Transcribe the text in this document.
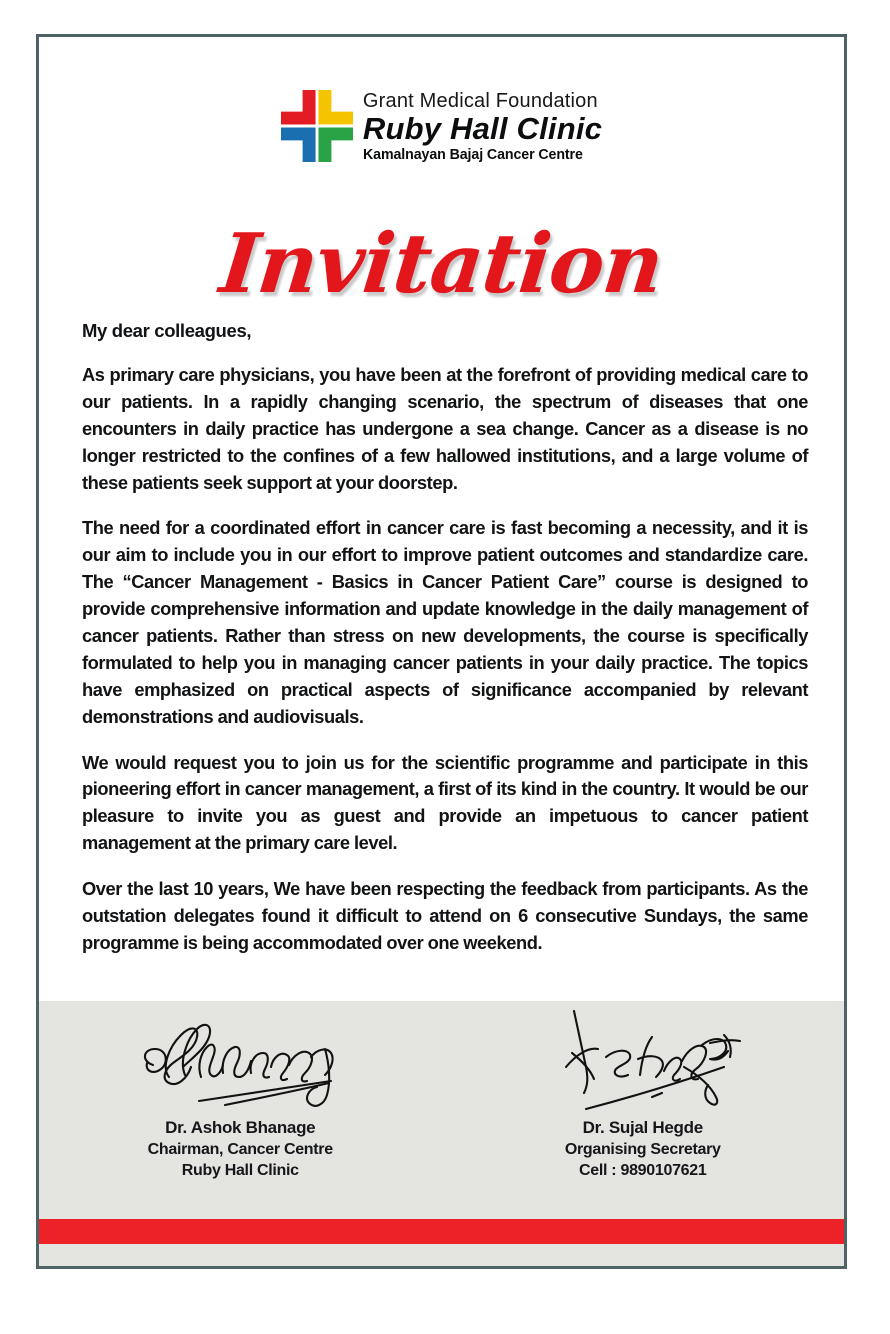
Grant Medical Foundation
Ruby Hall Clinic
Kamalnayan Bajaj Cancer Centre
Invitation

My dear colleagues,

As primary care physicians, you have been at the forefront of providing medical care to our patients. In a rapidly changing scenario, the spectrum of diseases that one encounters in daily practice has undergone a sea change. Cancer as a disease is no longer restricted to the confines of a few hallowed institutions, and a large volume of these patients seek support at your doorstep.

The need for a coordinated effort in cancer care is fast becoming a necessity, and it is our aim to include you in our effort to improve patient outcomes and standardize care. The “Cancer Management - Basics in Cancer Patient Care” course is designed to provide comprehensive information and update knowledge in the daily management of cancer patients. Rather than stress on new developments, the course is specifically formulated to help you in managing cancer patients in your daily practice. The topics have emphasized on practical aspects of significance accompanied by relevant demonstrations and audiovisuals.

We would request you to join us for the scientific programme and participate in this pioneering effort in cancer management, a first of its kind in the country. It would be our pleasure to invite you as guest and provide an impetuous to cancer patient management at the primary care level.

Over the last 10 years, We have been respecting the feedback from participants. As the outstation delegates found it difficult to attend on 6 consecutive Sundays, the same programme is being accommodated over one weekend.

Dr. Ashok Bhanage
Chairman, Cancer Centre
Ruby Hall Clinic
Dr. Sujal Hegde
Organising Secretary
Cell : 9890107621
